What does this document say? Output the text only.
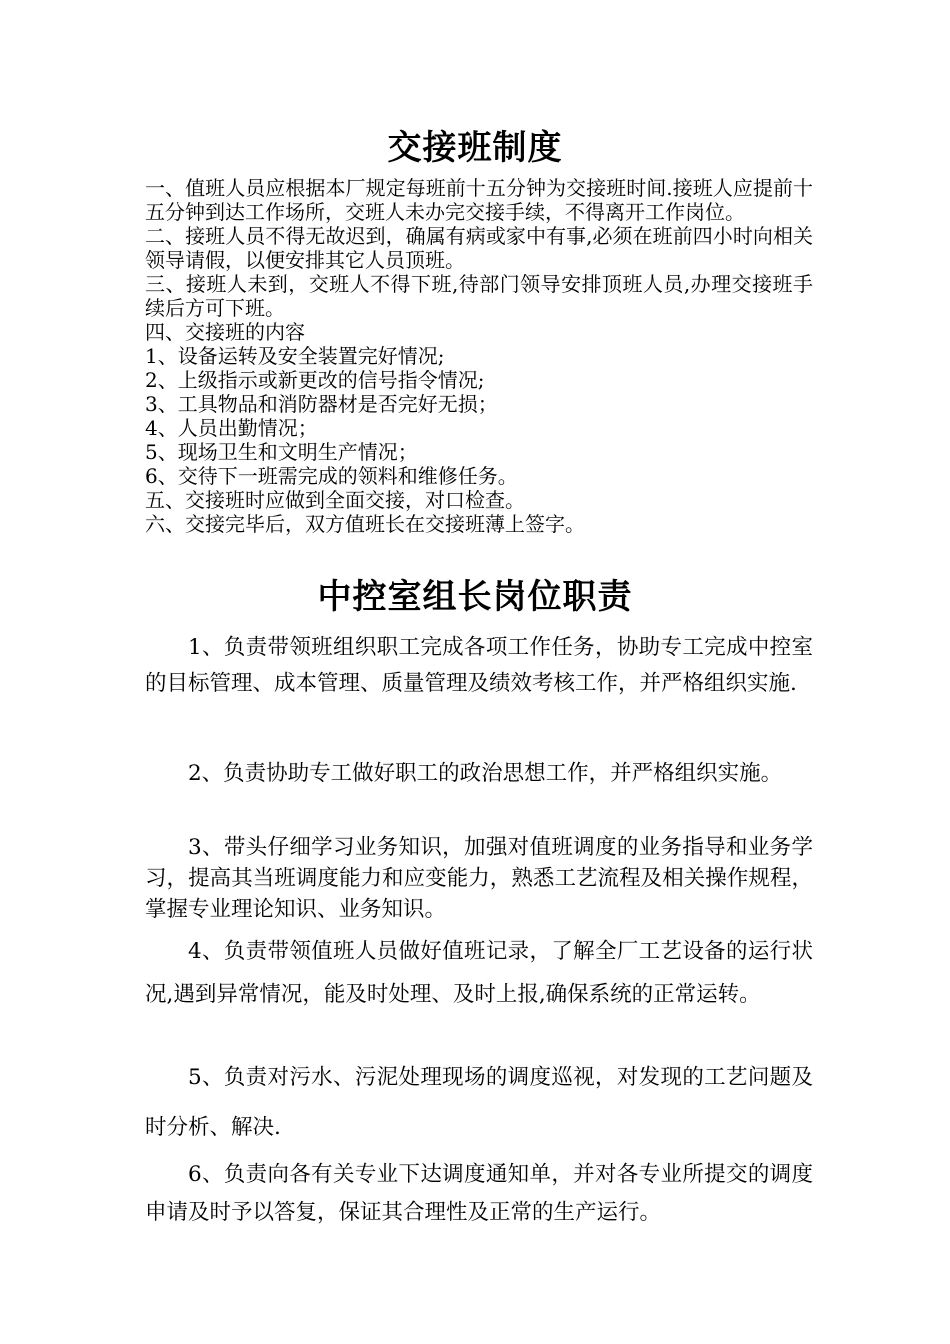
交接班制度

一、值班人员应根据本厂规定每班前十五分钟为交接班时间.接班人应提前十五分钟到达工作场所，交班人未办完交接手续，不得离开工作岗位。

二、接班人员不得无故迟到，确属有病或家中有事,必须在班前四小时向相关领导请假，以便安排其它人员顶班。

三、接班人未到，交班人不得下班,待部门领导安排顶班人员,办理交接班手续后方可下班。

四、交接班的内容

1、设备运转及安全装置完好情况;

2、上级指示或新更改的信号指令情况;

3、工具物品和消防器材是否完好无损；

4、人员出勤情况；

5、现场卫生和文明生产情况；

6、交待下一班需完成的领料和维修任务。

五、交接班时应做到全面交接，对口检查。

六、交接完毕后，双方值班长在交接班薄上签字。

中控室组长岗位职责

1、负责带领班组织职工完成各项工作任务，协助专工完成中控室的目标管理、成本管理、质量管理及绩效考核工作，并严格组织实施.

2、负责协助专工做好职工的政治思想工作，并严格组织实施。

3、带头仔细学习业务知识，加强对值班调度的业务指导和业务学习，提高其当班调度能力和应变能力，熟悉工艺流程及相关操作规程，掌握专业理论知识、业务知识。

4、负责带领值班人员做好值班记录，了解全厂工艺设备的运行状况,遇到异常情况，能及时处理、及时上报,确保系统的正常运转。

5、负责对污水、污泥处理现场的调度巡视，对发现的工艺问题及时分析、解决.

6、负责向各有关专业下达调度通知单，并对各专业所提交的调度申请及时予以答复，保证其合理性及正常的生产运行。
